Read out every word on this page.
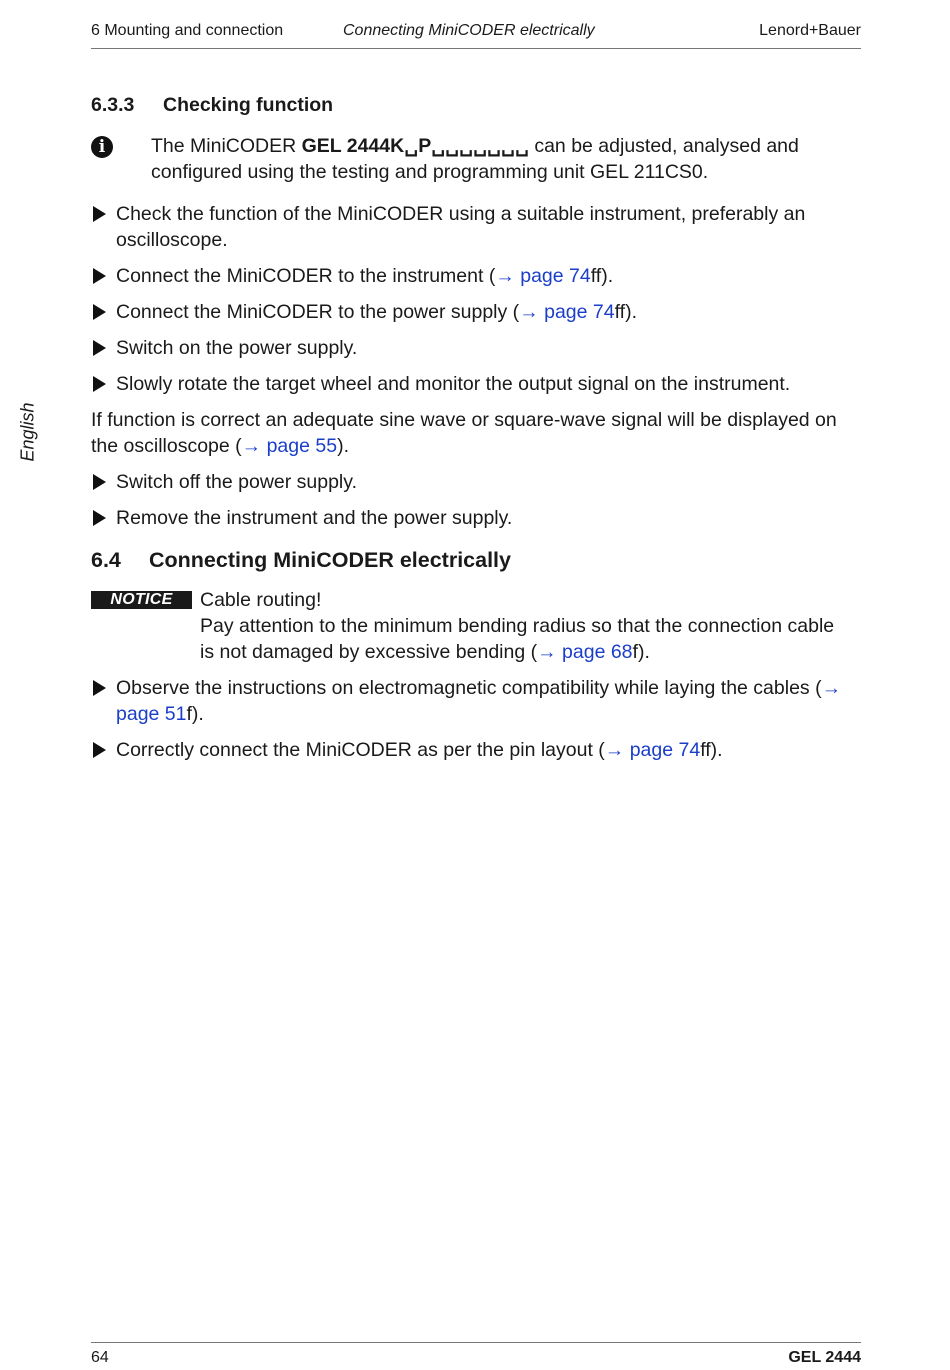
6 Mounting and connection	Connecting MiniCODER electrically	Lenord+Bauer
English
6.3.3	Checking function
i	The MiniCODER GEL 2444K␣P␣␣␣␣␣␣␣ can be adjusted, analysed and configured using the testing and programming unit GEL 211CS0.
Check the function of the MiniCODER using a suitable instrument, preferably an oscilloscope.
Connect the MiniCODER to the instrument (→ page 74ff).
Connect the MiniCODER to the power supply (→ page 74ff).
Switch on the power supply.
Slowly rotate the target wheel and monitor the output signal on the instrument.

If function is correct an adequate sine wave or square-wave signal will be displayed on the oscilloscope (→ page 55).

Switch off the power supply.
Remove the instrument and the power supply.
6.4	Connecting MiniCODER electrically
NOTICE	Cable routing!
Pay attention to the minimum bending radius so that the connection cable is not damaged by excessive bending (→ page 68f).
Observe the instructions on electromagnetic compatibility while laying the cables (→ page 51f).
Correctly connect the MiniCODER as per the pin layout (→ page 74ff).
64	GEL 2444
